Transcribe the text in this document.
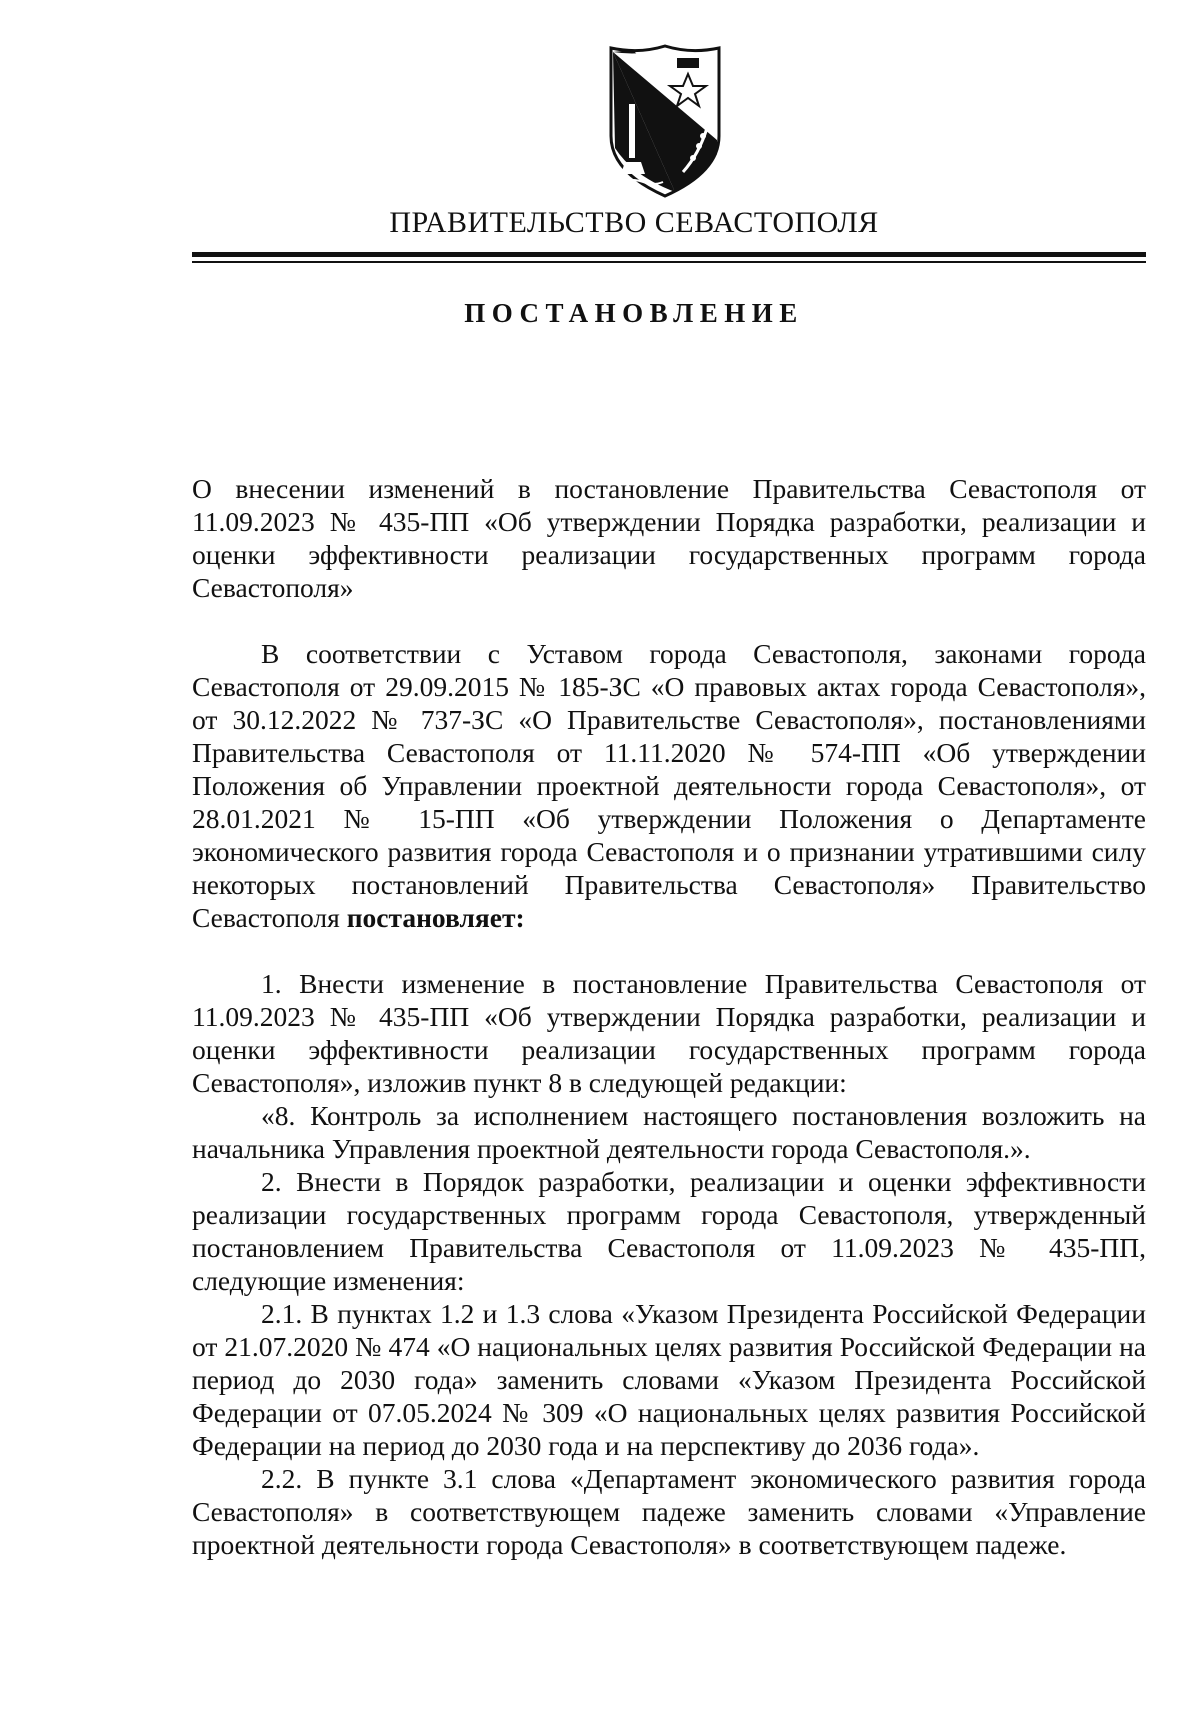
ПРАВИТЕЛЬСТВО СЕВАСТОПОЛЯ
ПОСТАНОВЛЕНИЕ

О внесении изменений в постановление Правительства Севастополя от 11.09.2023 № 435-ПП «Об утверждении Порядка разработки, реализации и оценки эффективности реализации государственных программ города Севастополя»

В соответствии с Уставом города Севастополя, законами города Севастополя от 29.09.2015 № 185-ЗС «О правовых актах города Севастополя», от 30.12.2022 № 737-ЗС «О Правительстве Севастополя», постановлениями Правительства Севастополя от 11.11.2020 № 574-ПП «Об утверждении Положения об Управлении проектной деятельности города Севастополя», от 28.01.2021 № 15-ПП «Об утверждении Положения о Департаменте экономического развития города Севастополя и о признании утратившими силу некоторых постановлений Правительства Севастополя» Правительство Севастополя постановляет:

1. Внести изменение в постановление Правительства Севастополя от 11.09.2023 № 435-ПП «Об утверждении Порядка разработки, реализации и оценки эффективности реализации государственных программ города Севастополя», изложив пункт 8 в следующей редакции:

«8. Контроль за исполнением настоящего постановления возложить на начальника Управления проектной деятельности города Севастополя.».

2. Внести в Порядок разработки, реализации и оценки эффективности реализации государственных программ города Севастополя, утвержденный постановлением Правительства Севастополя от 11.09.2023 № 435-ПП, следующие изменения:

2.1. В пунктах 1.2 и 1.3 слова «Указом Президента Российской Федерации от 21.07.2020 № 474 «О национальных целях развития Российской Федерации на период до 2030 года» заменить словами «Указом Президента Российской Федерации от 07.05.2024 № 309 «О национальных целях развития Российской Федерации на период до 2030 года и на перспективу до 2036 года».

2.2. В пункте 3.1 слова «Департамент экономического развития города Севастополя» в соответствующем падеже заменить словами «Управление проектной деятельности города Севастополя» в соответствующем падеже.
